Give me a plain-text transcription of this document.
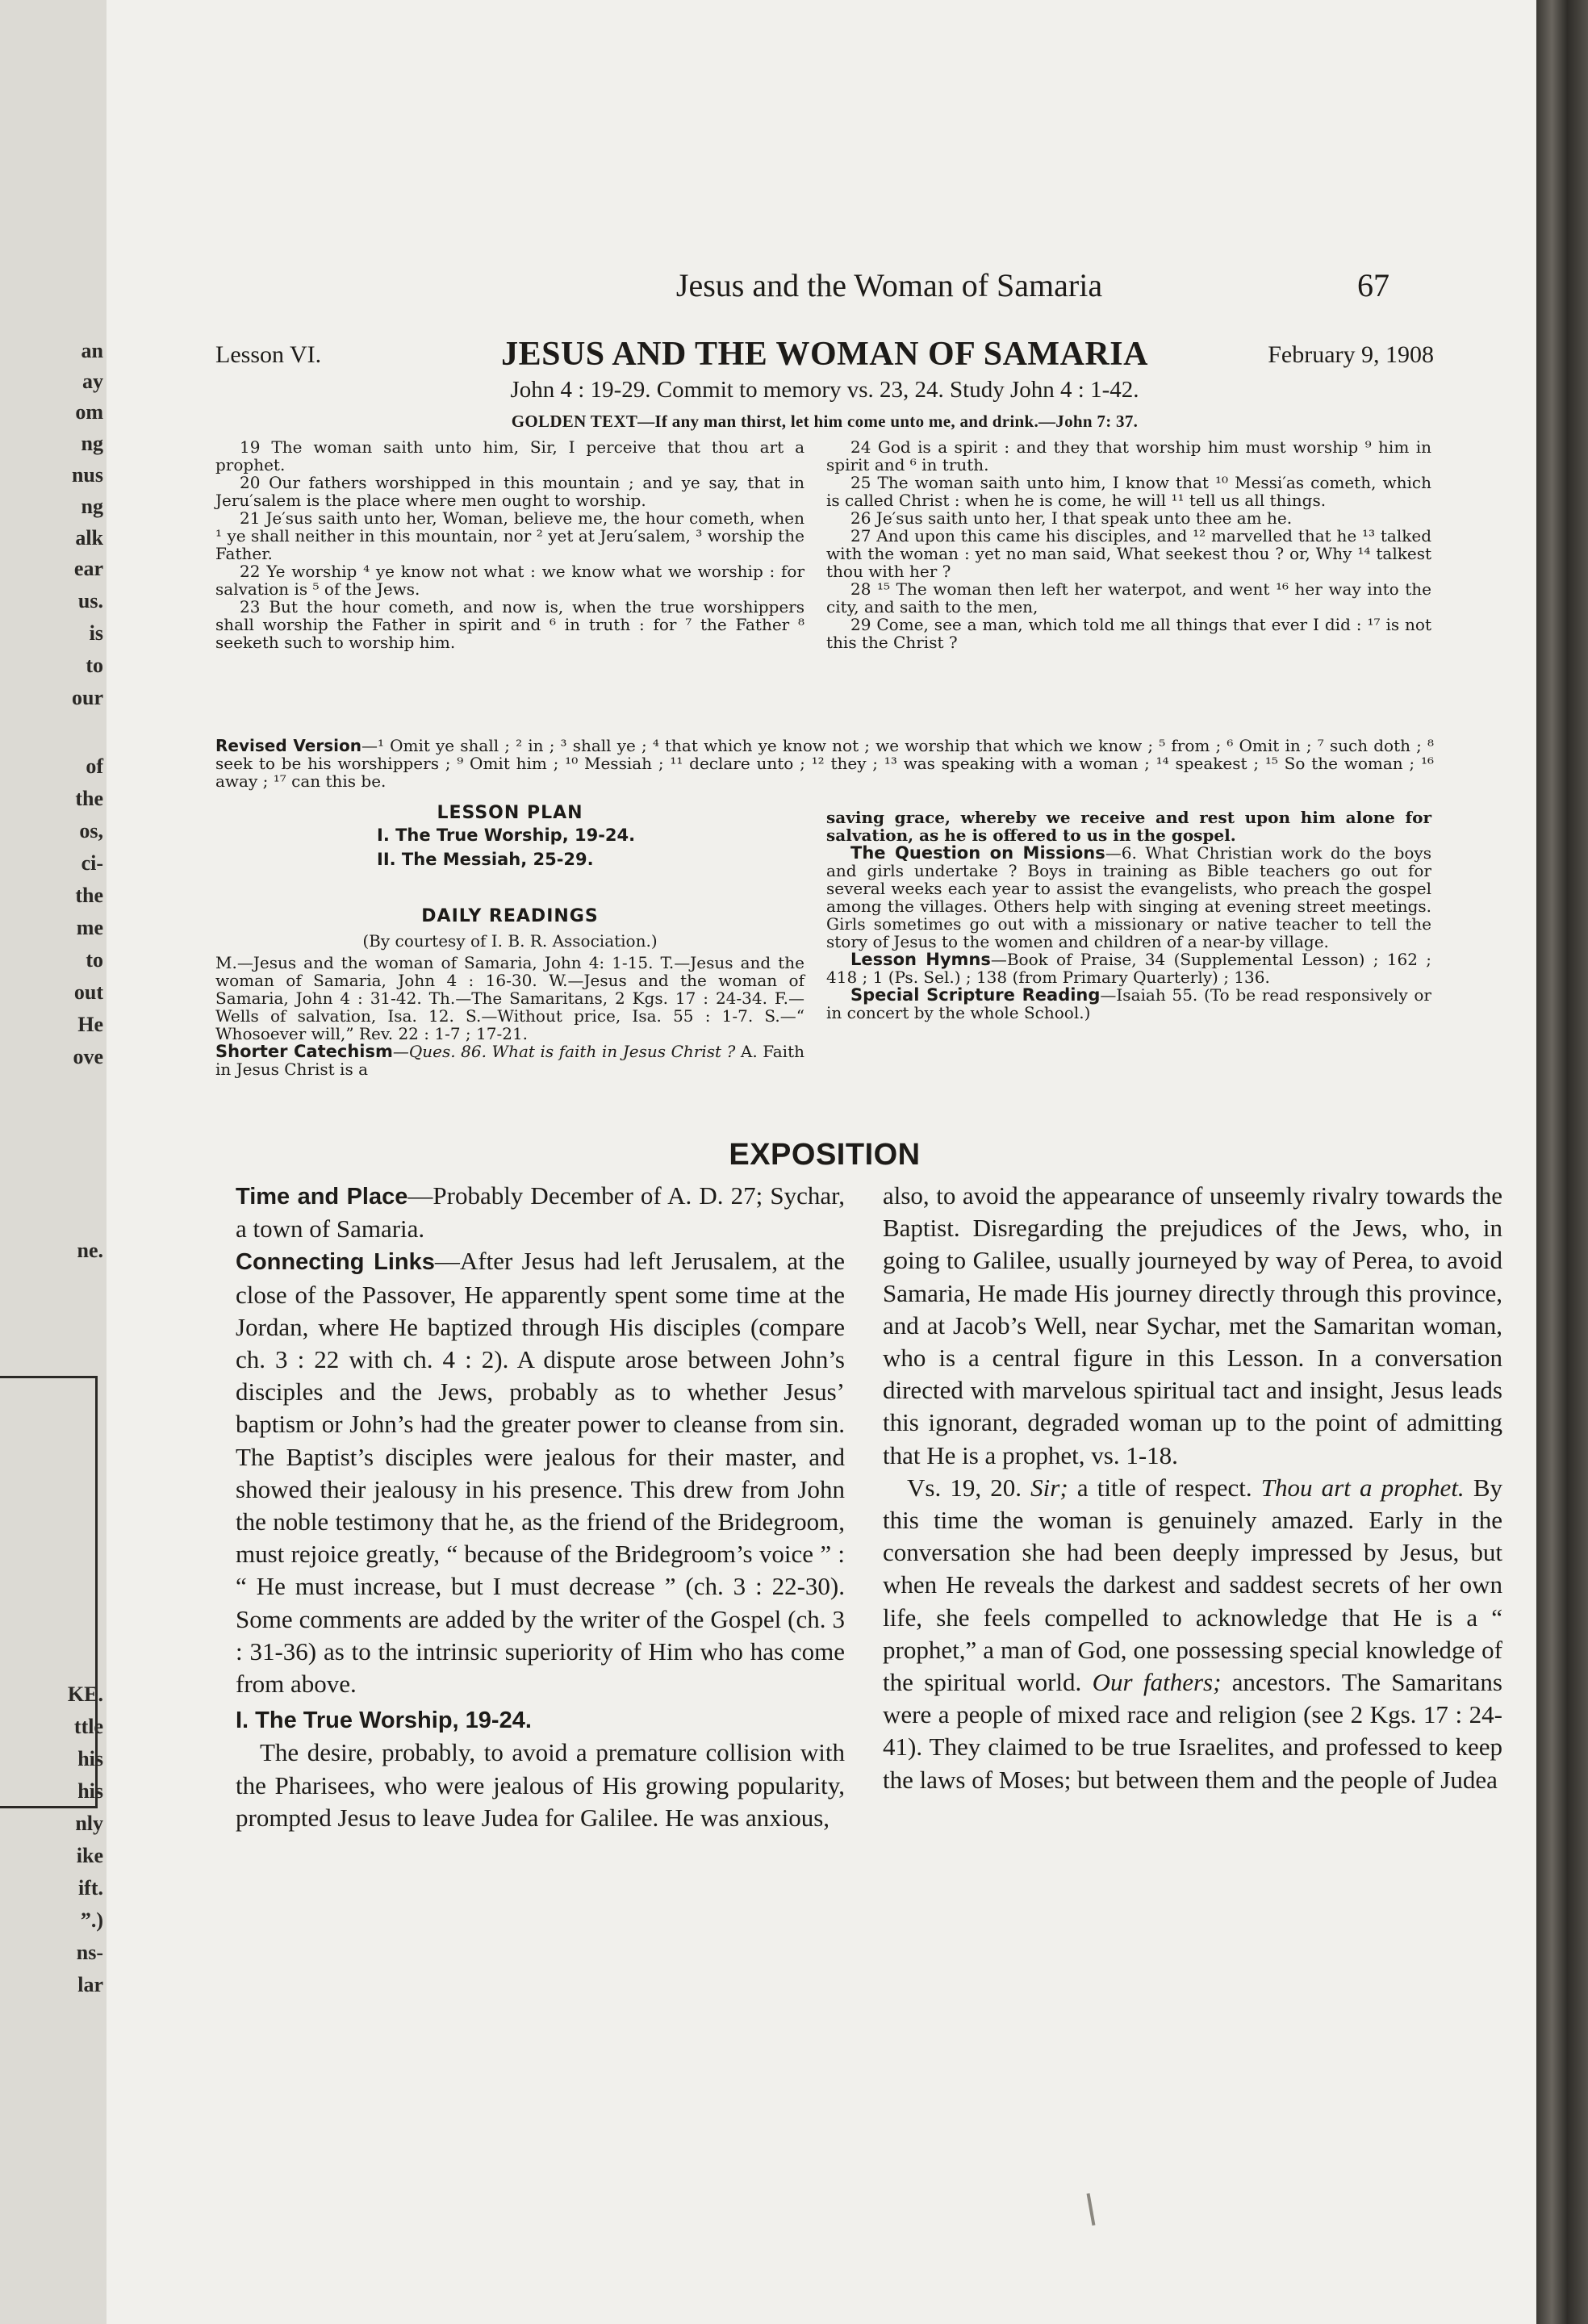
an
ay
om
ng
nus
ng
alk
ear
us.
is
to
our
of
the
os,
ci-
the
me
to
out
He
ove
ne.
KE.
ttle
his
his
nly
ike
ift.
”.)
ns-
lar
Jesus and the Woman of Samaria	67
Lesson VI.	JESUS AND THE WOMAN OF SAMARIA	February 9, 1908
John 4 : 19-29. Commit to memory vs. 23, 24. Study John 4 : 1-42.
GOLDEN TEXT—If any man thirst, let him come unto me, and drink.—John 7: 37.

19 The woman saith unto him, Sir, I perceive that thou art a prophet.

20 Our fathers worshipped in this mountain ; and ye say, that in Jeru′salem is the place where men ought to worship.

21 Je′sus saith unto her, Woman, believe me, the hour cometh, when ¹ ye shall neither in this mountain, nor ² yet at Jeru′salem, ³ worship the Father.

22 Ye worship ⁴ ye know not what : we know what we worship : for salvation is ⁵ of the Jews.

23 But the hour cometh, and now is, when the true worshippers shall worship the Father in spirit and ⁶ in truth : for ⁷ the Father ⁸ seeketh such to worship him.

24 God is a spirit : and they that worship him must worship ⁹ him in spirit and ⁶ in truth.

25 The woman saith unto him, I know that ¹⁰ Messi′as cometh, which is called Christ : when he is come, he will ¹¹ tell us all things.

26 Je′sus saith unto her, I that speak unto thee am he.

27 And upon this came his disciples, and ¹² marvelled that he ¹³ talked with the woman : yet no man said, What seekest thou ? or, Why ¹⁴ talkest thou with her ?

28 ¹⁵ The woman then left her waterpot, and went ¹⁶ her way into the city, and saith to the men,

29 Come, see a man, which told me all things that ever I did : ¹⁷ is not this the Christ ?

Revised Version—¹ Omit ye shall ; ² in ; ³ shall ye ; ⁴ that which ye know not ; we worship that which we know ; ⁵ from ; ⁶ Omit in ; ⁷ such doth ; ⁸ seek to be his worshippers ; ⁹ Omit him ; ¹⁰ Messiah ; ¹¹ declare unto ; ¹² they ; ¹³ was speaking with a woman ; ¹⁴ speakest ; ¹⁵ So the woman ; ¹⁶ away ; ¹⁷ can this be.
LESSON PLAN
I. The True Worship, 19-24.
II. The Messiah, 25-29.
DAILY READINGS
(By courtesy of I. B. R. Association.)
M.—Jesus and the woman of Samaria, John 4: 1-15. T.—Jesus and the woman of Samaria, John 4 : 16-30. W.—Jesus and the woman of Samaria, John 4 : 31-42. Th.—The Samaritans, 2 Kgs. 17 : 24-34. F.—Wells of salvation, Isa. 12. S.—Without price, Isa. 55 : 1-7. S.—“ Whosoever will,” Rev. 22 : 1-7 ; 17-21.
Shorter Catechism—Ques. 86. What is faith in Jesus Christ ? A. Faith in Jesus Christ is a

saving grace, whereby we receive and rest upon him alone for salvation, as he is offered to us in the gospel.

The Question on Missions—6. What Christian work do the boys and girls undertake ? Boys in training as Bible teachers go out for several weeks each year to assist the evangelists, who preach the gospel among the villages. Others help with singing at evening street meetings. Girls sometimes go out with a missionary or native teacher to tell the story of Jesus to the women and children of a near-by village.

Lesson Hymns—Book of Praise, 34 (Supplemental Lesson) ; 162 ; 418 ; 1 (Ps. Sel.) ; 138 (from Primary Quarterly) ; 136.

Special Scripture Reading—Isaiah 55. (To be read responsively or in concert by the whole School.)

EXPOSITION

Time and Place—Probably December of A. D. 27; Sychar, a town of Samaria.

Connecting Links—After Jesus had left Jerusalem, at the close of the Passover, He apparently spent some time at the Jordan, where He baptized through His disciples (compare ch. 3 : 22 with ch. 4 : 2). A dispute arose between John’s disciples and the Jews, probably as to whether Jesus’ baptism or John’s had the greater power to cleanse from sin. The Baptist’s disciples were jealous for their master, and showed their jealousy in his presence. This drew from John the noble testimony that he, as the friend of the Bridegroom, must rejoice greatly, “ because of the Bridegroom’s voice ” : “ He must increase, but I must decrease ” (ch. 3 : 22-30). Some comments are added by the writer of the Gospel (ch. 3 : 31-36) as to the intrinsic superiority of Him who has come from above.

I. The True Worship, 19-24.

The desire, probably, to avoid a premature collision with the Pharisees, who were jealous of His growing popularity, prompted Jesus to leave Judea for Galilee. He was anxious,

also, to avoid the appearance of unseemly rivalry towards the Baptist. Disregarding the prejudices of the Jews, who, in going to Galilee, usually journeyed by way of Perea, to avoid Samaria, He made His journey directly through this province, and at Jacob’s Well, near Sychar, met the Samaritan woman, who is a central figure in this Lesson. In a conversation directed with marvelous spiritual tact and insight, Jesus leads this ignorant, degraded woman up to the point of admitting that He is a prophet, vs. 1-18.

Vs. 19, 20. Sir; a title of respect. Thou art a prophet. By this time the woman is genuinely amazed. Early in the conversation she had been deeply impressed by Jesus, but when He reveals the darkest and saddest secrets of her own life, she feels compelled to acknowledge that He is a “ prophet,” a man of God, one possessing special knowledge of the spiritual world. Our fathers; ancestors. The Samaritans were a people of mixed race and religion (see 2 Kgs. 17 : 24-41). They claimed to be true Israelites, and professed to keep the laws of Moses; but between them and the people of Judea
